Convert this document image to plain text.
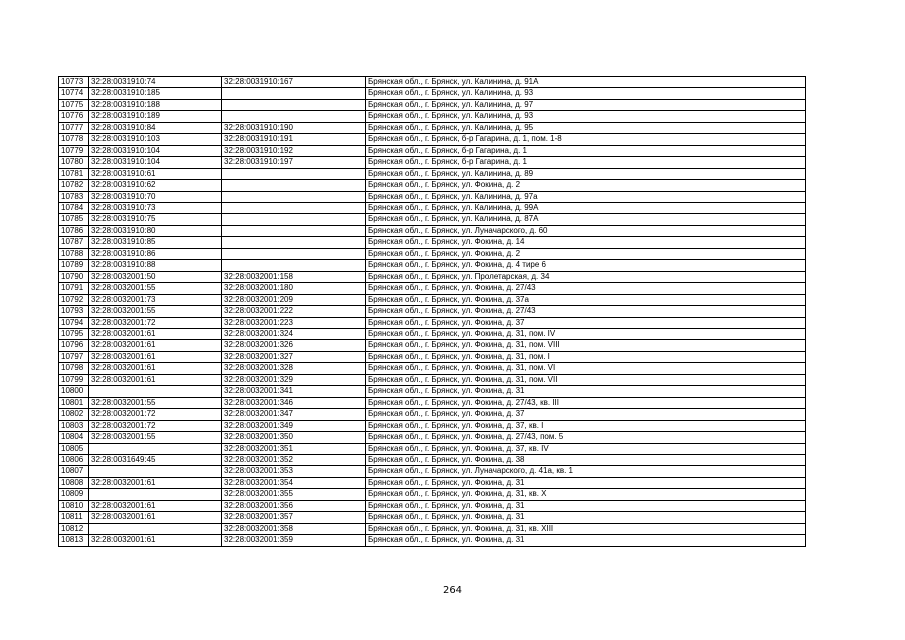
10773	32:28:0031910:74	32:28:0031910:167	Брянская обл., г. Брянск, ул. Калинина, д. 91А
10774	32:28:0031910:185		Брянская обл., г. Брянск, ул. Калинина, д. 93
10775	32:28:0031910:188		Брянская обл., г. Брянск, ул. Калинина, д. 97
10776	32:28:0031910:189		Брянская обл., г. Брянск, ул. Калинина, д. 93
10777	32:28:0031910:84	32:28:0031910:190	Брянская обл., г. Брянск, ул. Калинина, д. 95
10778	32:28:0031910:103	32:28:0031910:191	Брянская обл., г. Брянск, б-р Гагарина, д. 1, пом. 1-8
10779	32:28:0031910:104	32:28:0031910:192	Брянская обл., г. Брянск, б-р Гагарина, д. 1
10780	32:28:0031910:104	32:28:0031910:197	Брянская обл., г. Брянск, б-р Гагарина, д. 1
10781	32:28:0031910:61		Брянская обл., г. Брянск, ул. Калинина, д. 89
10782	32:28:0031910:62		Брянская обл., г. Брянск, ул. Фокина, д. 2
10783	32:28:0031910:70		Брянская обл., г. Брянск, ул. Калинина, д. 97а
10784	32:28:0031910:73		Брянская обл., г. Брянск, ул. Калинина, д. 99А
10785	32:28:0031910:75		Брянская обл., г. Брянск, ул. Калинина, д. 87А
10786	32:28:0031910:80		Брянская обл., г. Брянск, ул. Луначарского, д. 60
10787	32:28:0031910:85		Брянская обл., г. Брянск, ул. Фокина, д. 14
10788	32:28:0031910:86		Брянская обл., г. Брянск, ул. Фокина, д. 2
10789	32:28:0031910:88		Брянская обл., г. Брянск, ул. Фокина, д. 4 тире 6
10790	32:28:0032001:50	32:28:0032001:158	Брянская обл., г. Брянск, ул. Пролетарская, д. 34
10791	32:28:0032001:55	32:28:0032001:180	Брянская обл., г. Брянск, ул. Фокина, д. 27/43
10792	32:28:0032001:73	32:28:0032001:209	Брянская обл., г. Брянск, ул. Фокина, д. 37а
10793	32:28:0032001:55	32:28:0032001:222	Брянская обл., г. Брянск, ул. Фокина, д. 27/43
10794	32:28:0032001:72	32:28:0032001:223	Брянская обл., г. Брянск, ул. Фокина, д. 37
10795	32:28:0032001:61	32:28:0032001:324	Брянская обл., г. Брянск, ул. Фокина, д. 31, пом. IV
10796	32:28:0032001:61	32:28:0032001:326	Брянская обл., г. Брянск, ул. Фокина, д. 31, пом. VIII
10797	32:28:0032001:61	32:28:0032001:327	Брянская обл., г. Брянск, ул. Фокина, д. 31, пом. I
10798	32:28:0032001:61	32:28:0032001:328	Брянская обл., г. Брянск, ул. Фокина, д. 31, пом. VI
10799	32:28:0032001:61	32:28:0032001:329	Брянская обл., г. Брянск, ул. Фокина, д. 31, пом. VII
10800		32:28:0032001:341	Брянская обл., г. Брянск, ул. Фокина, д. 31
10801	32:28:0032001:55	32:28:0032001:346	Брянская обл., г. Брянск, ул. Фокина, д. 27/43, кв. III
10802	32:28:0032001:72	32:28:0032001:347	Брянская обл., г. Брянск, ул. Фокина, д. 37
10803	32:28:0032001:72	32:28:0032001:349	Брянская обл., г. Брянск, ул. Фокина, д. 37, кв. I
10804	32:28:0032001:55	32:28:0032001:350	Брянская обл., г. Брянск, ул. Фокина, д. 27/43, пом. 5
10805		32:28:0032001:351	Брянская обл., г. Брянск, ул. Фокина, д. 37, кв. IV
10806	32:28:0031649:45	32:28:0032001:352	Брянская обл., г. Брянск, ул. Фокина, д. 38
10807		32:28:0032001:353	Брянская обл., г. Брянск, ул. Луначарского, д. 41а, кв. 1
10808	32:28:0032001:61	32:28:0032001:354	Брянская обл., г. Брянск, ул. Фокина, д. 31
10809		32:28:0032001:355	Брянская обл., г. Брянск, ул. Фокина, д. 31, кв. X
10810	32:28:0032001:61	32:28:0032001:356	Брянская обл., г. Брянск, ул. Фокина, д. 31
10811	32:28:0032001:61	32:28:0032001:357	Брянская обл., г. Брянск, ул. Фокина, д. 31
10812		32:28:0032001:358	Брянская обл., г. Брянск, ул. Фокина, д. 31, кв. XIII
10813	32:28:0032001:61	32:28:0032001:359	Брянская обл., г. Брянск, ул. Фокина, д. 31
264
